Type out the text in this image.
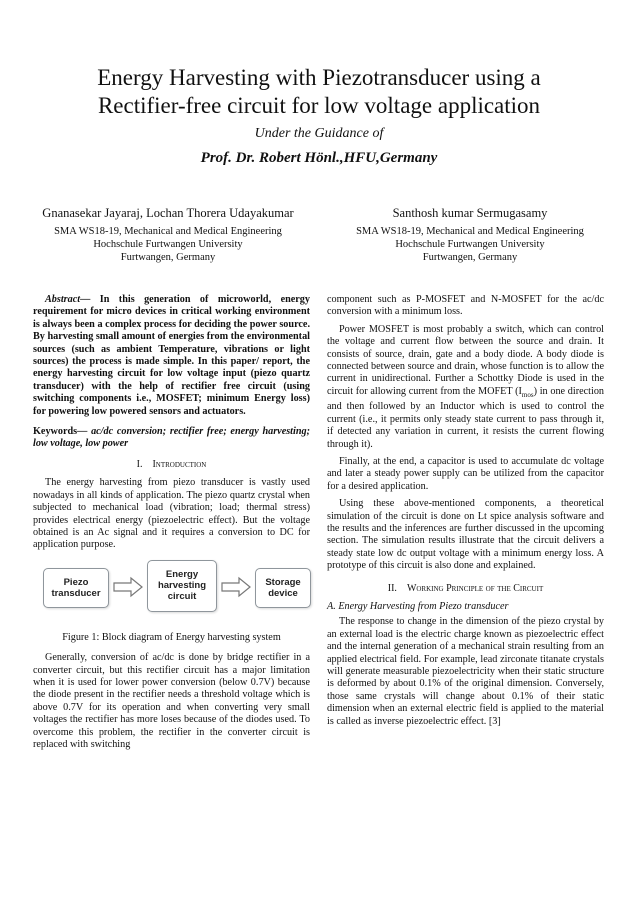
Energy Harvesting with Piezotransducer using a
Rectifier-free circuit for low voltage application
Under the Guidance of
Prof. Dr. Robert Hönl.,HFU,Germany
Gnanasekar Jayaraj, Lochan Thorera Udayakumar
SMA WS18-19, Mechanical and Medical Engineering
Hochschule Furtwangen University
Furtwangen, Germany
Santhosh kumar Sermugasamy
SMA WS18-19, Mechanical and Medical Engineering
Hochschule Furtwangen University
Furtwangen, Germany

Abstract— In this generation of microworld, energy requirement for micro devices in critical working environment is always been a complex process for deciding the power source. By harvesting small amount of energies from the environmental sources (such as ambient Temperature, vibrations or light sources) the process is made simple. In this paper/ report, the energy harvesting circuit for low voltage input (piezo quartz transducer) with the help of rectifier free circuit (using switching components i.e., MOSFET; minimum Energy loss) for powering low powered sensors and actuators.

Keywords— ac/dc conversion; rectifier free; energy harvesting; low voltage, low power

I. Introduction

The energy harvesting from piezo transducer is vastly used nowadays in all kinds of application. The piezo quartz crystal when subjected to mechanical load (vibration; load; thermal stress) provides electrical energy (piezoelectric effect). But the voltage obtained is an Ac signal and it requires a conversion to DC for application purpose.

Piezo transducer
Energy harvesting circuit
Storage device

Figure 1: Block diagram of Energy harvesting system

Generally, conversion of ac/dc is done by bridge rectifier in a converter circuit, but this rectifier circuit has a major limitation when it is used for lower power conversion (below 0.7V) because the diode present in the rectifier needs a threshold voltage which is above 0.7V for its operation and when converting very small voltages the rectifier has more loses because of the diodes used. To overcome this problem, the rectifier in the converter circuit is replaced with switching

component such as P-MOSFET and N-MOSFET for the ac/dc conversion with a minimum loss.

Power MOSFET is most probably a switch, which can control the voltage and current flow between the source and drain. It consists of source, drain, gate and a body diode. A body diode is connected between source and drain, whose function is to allow the current in unidirectional. Further a Schottky Diode is used in the circuit for allowing current from the MOFET $(I_{mos})$ in one direction and then followed by an Inductor which is used to control the current (i.e., it permits only steady state current to pass through it, if detected any variation in current, it resists the current flowing through it).

Finally, at the end, a capacitor is used to accumulate dc voltage and later a steady power supply can be utilized from the capacitor for a desired application.

Using these above-mentioned components, a theoretical simulation of the circuit is done on Lt spice analysis software and the results and the inferences are further discussed in the upcoming section. The simulation results illustrate that the circuit delivers a steady state low dc output voltage with a minimum energy loss. A prototype of this circuit is also done and explained.

II. Working Principle of the Circuit

A. Energy Harvesting from Piezo transducer

The response to change in the dimension of the piezo crystal by an external load is the electric charge known as piezoelectric effect and the internal generation of a mechanical strain resulting from an applied electrical field. For example, lead zirconate titanate crystals will generate measurable piezoelectricity when their static structure is deformed by about 0.1% of the original dimension. Conversely, those same crystals will change about 0.1% of their static dimension when an external electric field is applied to the material is called as inverse piezoelectric effect. [3]
